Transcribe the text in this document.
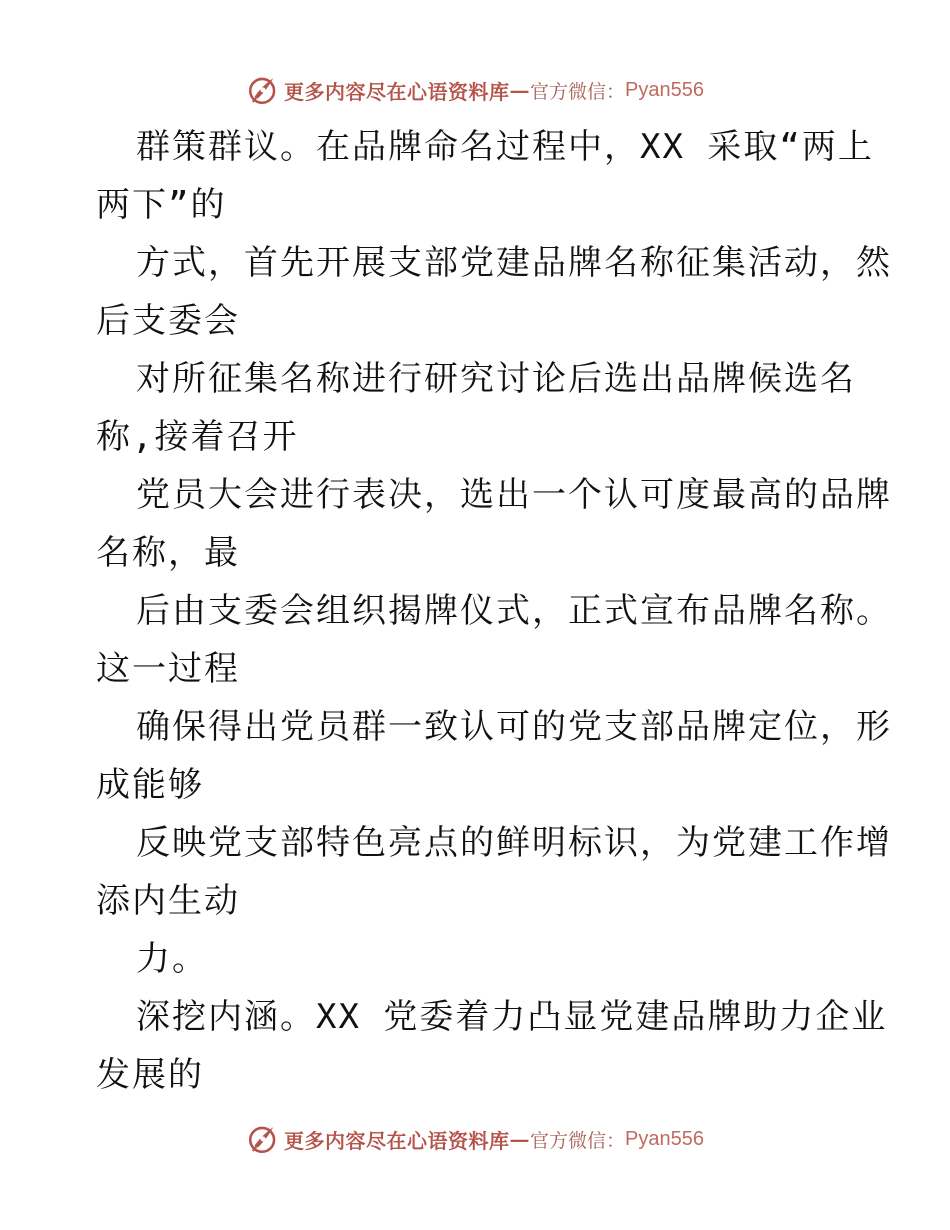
更多内容尽在心语资料库 — 官方微信： Pyan556
群策群议。在品牌命名过程中，XX 采取“两上
两下”的
方式，首先开展支部党建品牌名称征集活动，然
后支委会
对所征集名称进行研究讨论后选出品牌候选名
称,接着召开
党员大会进行表决，选出一个认可度最高的品牌
名称，最
后由支委会组织揭牌仪式，正式宣布品牌名称。
这一过程
确保得出党员群一致认可的党支部品牌定位，形
成能够
反映党支部特色亮点的鲜明标识，为党建工作增
添内生动
力。
深挖内涵。XX 党委着力凸显党建品牌助力企业
发展的
更多内容尽在心语资料库 — 官方微信： Pyan556
